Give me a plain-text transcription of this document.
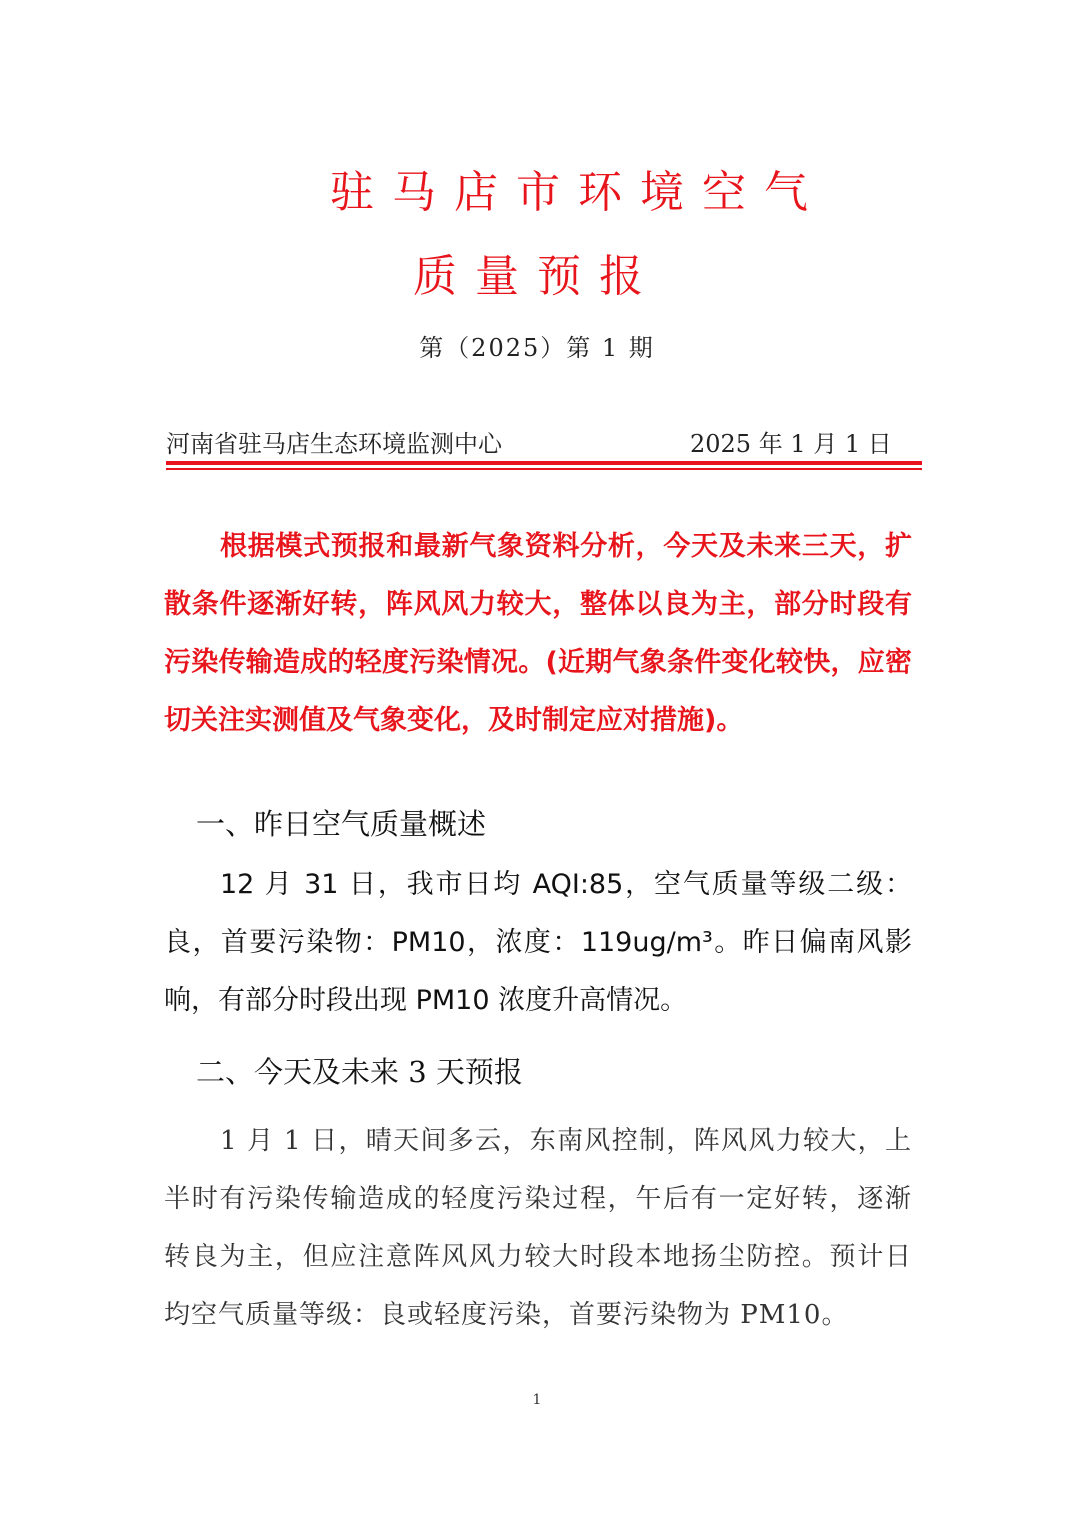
驻马店市环境空气
质量预报
第（2025）第 1 期
河南省驻马店生态环境监测中心	2025 年 1 月 1 日

根据模式预报和最新气象资料分析，今天及未来三天，扩散条件逐渐好转，阵风风力较大，整体以良为主，部分时段有污染传输造成的轻度污染情况。(近期气象条件变化较快，应密切关注实测值及气象变化，及时制定应对措施)。

一、昨日空气质量概述

12 月 31 日，我市日均 AQI:85，空气质量等级二级：良，首要污染物：PM10，浓度：119ug/m³。昨日偏南风影响，有部分时段出现 PM10 浓度升高情况。

二、今天及未来 3 天预报

1 月 1 日，晴天间多云，东南风控制，阵风风力较大，上半时有污染传输造成的轻度污染过程，午后有一定好转，逐渐转良为主，但应注意阵风风力较大时段本地扬尘防控。预计日均空气质量等级：良或轻度污染，首要污染物为 PM10。

1
